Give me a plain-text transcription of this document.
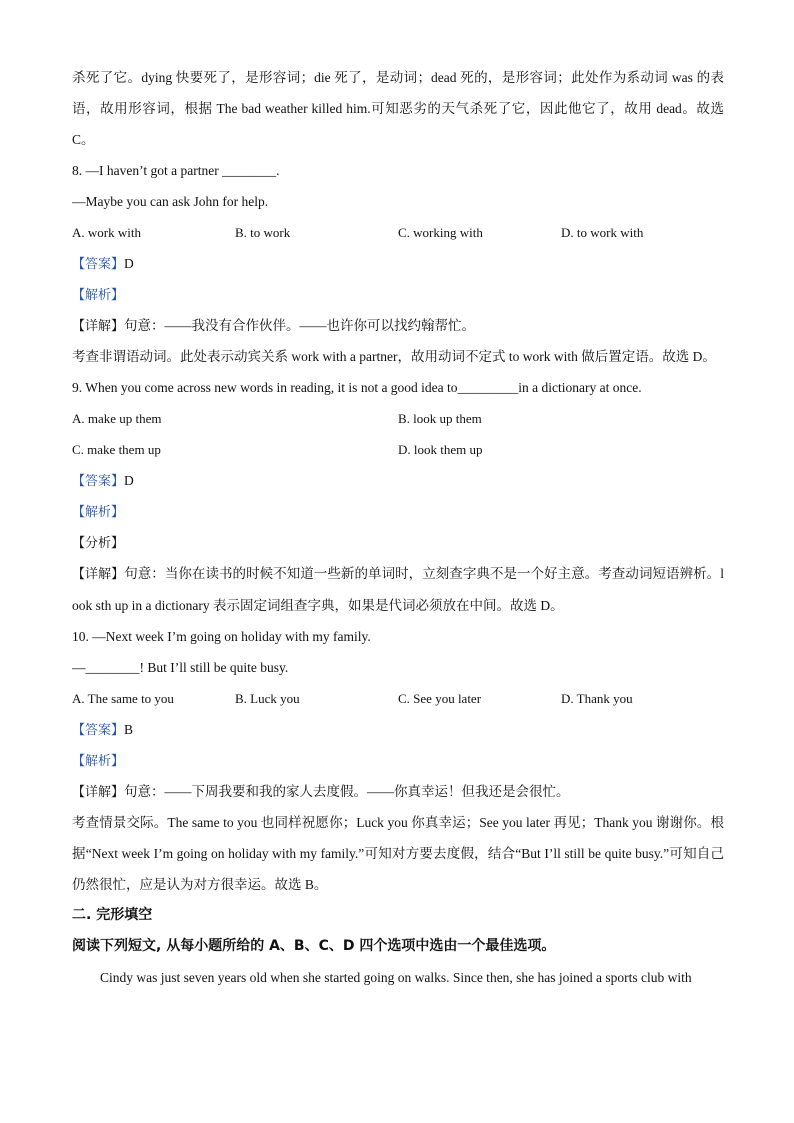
杀死了它。dying 快要死了，是形容词；die 死了，是动词；dead 死的，是形容词；此处作为系动词 was 的表语，故用形容词，根据 The bad weather killed him.可知恶劣的天气杀死了它，因此他它了，故用 dead。故选 C。
8. —I haven’t got a partner ________.
—Maybe you can ask John for help.
A. work with	B. to work	C. working with	D. to work with
【答案】D
【解析】
【详解】句意：——我没有合作伙伴。——也许你可以找约翰帮忙。
考查非谓语动词。此处表示动宾关系 work with a partner，故用动词不定式 to work with 做后置定语。故选 D。
9. When you come across new words in reading, it is not a good idea to_________in a dictionary at once.
A. make up them	B. look up them
C. make them up	D. look them up
【答案】D
【解析】
【分析】
【详解】句意：当你在读书的时候不知道一些新的单词时，立刻查字典不是一个好主意。考查动词短语辨析。look sth up in a dictionary 表示固定词组查字典，如果是代词必须放在中间。故选 D。
10. —Next week I’m going on holiday with my family.
—________! But I’ll still be quite busy.
A. The same to you	B. Luck you	C. See you later	D. Thank you
【答案】B
【解析】
【详解】句意：——下周我要和我的家人去度假。——你真幸运！但我还是会很忙。
考查情景交际。The same to you 也同样祝愿你；Luck you 你真幸运；See you later 再见；Thank you 谢谢你。根据“Next week I’m going on holiday with my family.”可知对方要去度假，结合“But I’ll still be quite busy.”可知自己仍然很忙，应是认为对方很幸运。故选 B。
二. 完形填空
阅读下列短文, 从每小题所给的 A、B、C、D 四个选项中选由一个最佳选项。
Cindy was just seven years old when she started going on walks. Since then, she has joined a sports club with
